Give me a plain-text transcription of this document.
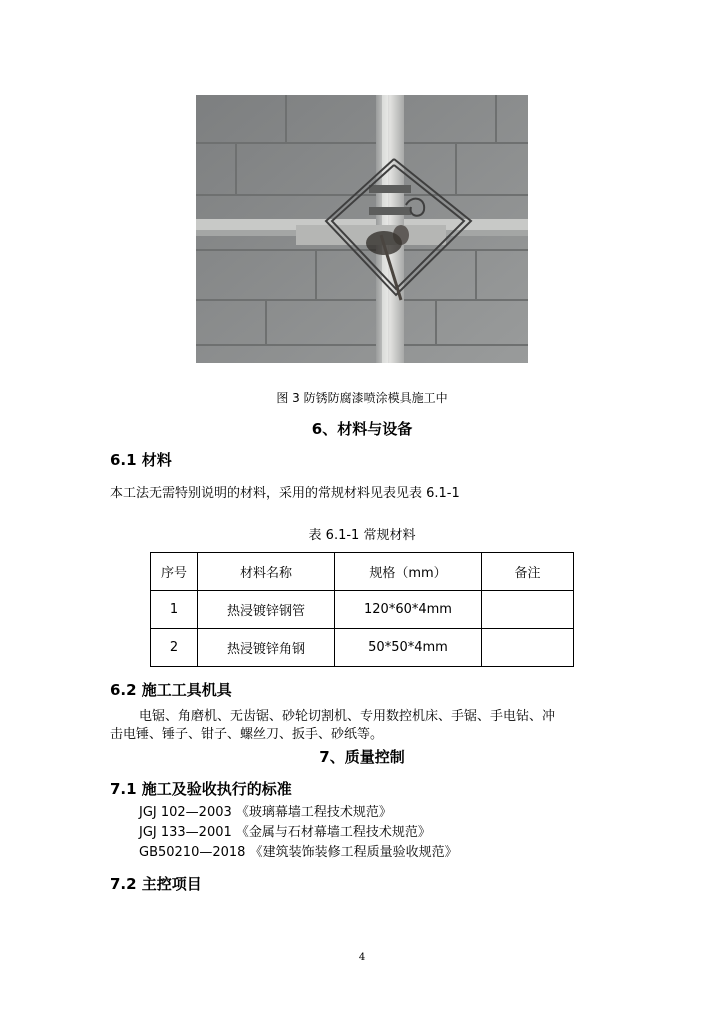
图 3 防锈防腐漆喷涂模具施工中
6、材料与设备
6.1 材料
本工法无需特别说明的材料，采用的常规材料见表见表 6.1-1
表 6.1-1 常规材料
序号	材料名称	规格（mm）	备注
1	热浸镀锌钢管	120*60*4mm	
2	热浸镀锌角钢	50*50*4mm	
6.2 施工工具机具
电锯、角磨机、无齿锯、砂轮切割机、专用数控机床、手锯、手电钻、冲
击电锤、锤子、钳子、螺丝刀、扳手、砂纸等。
7、质量控制
7.1 施工及验收执行的标准
JGJ 102—2003 《玻璃幕墙工程技术规范》
JGJ 133—2001 《金属与石材幕墙工程技术规范》
GB50210—2018 《建筑装饰装修工程质量验收规范》
7.2 主控项目
4
